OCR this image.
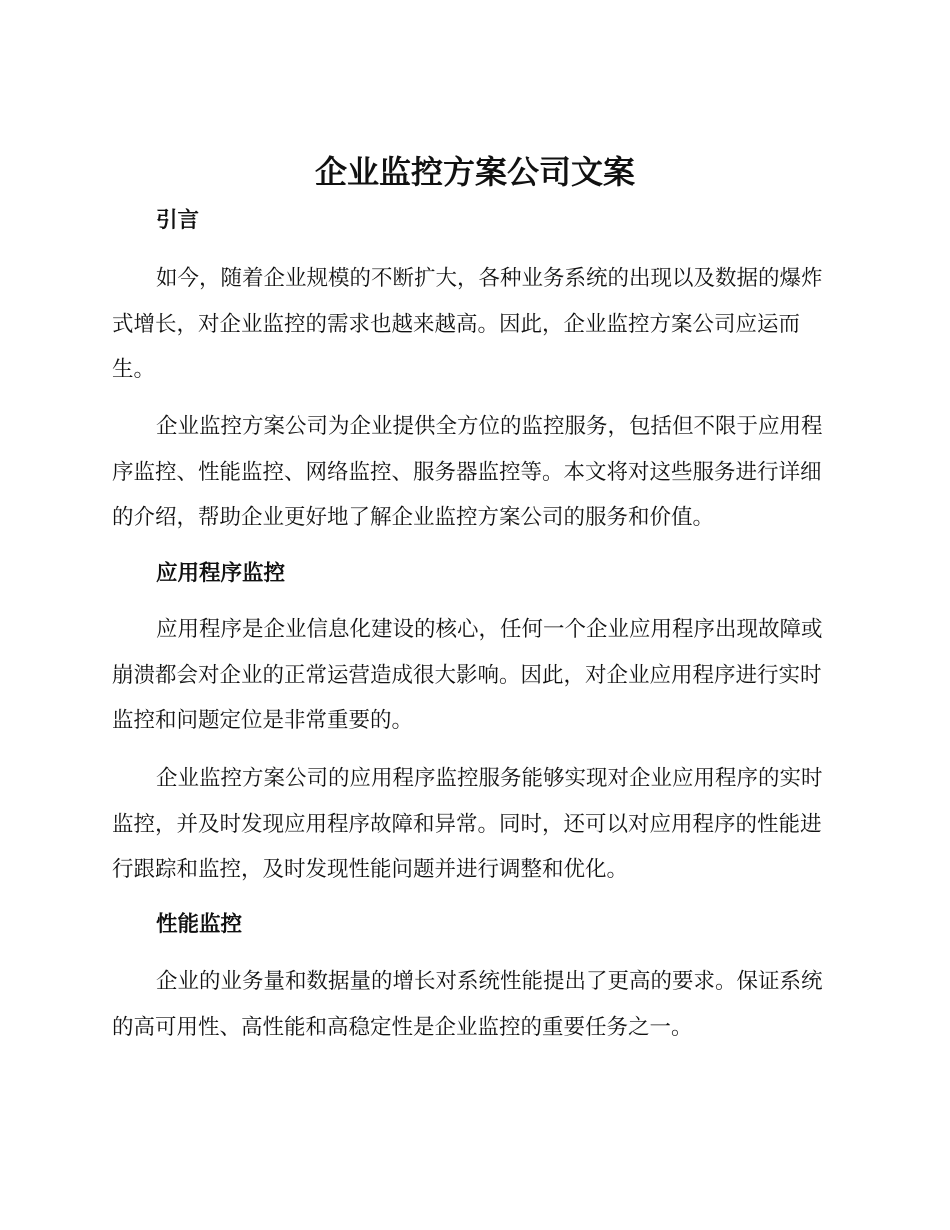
企业监控方案公司文案

引言

如今，随着企业规模的不断扩大，各种业务系统的出现以及数据的爆炸式增长，对企业监控的需求也越来越高。因此，企业监控方案公司应运而生。

企业监控方案公司为企业提供全方位的监控服务，包括但不限于应用程序监控、性能监控、网络监控、服务器监控等。本文将对这些服务进行详细的介绍，帮助企业更好地了解企业监控方案公司的服务和价值。

应用程序监控

应用程序是企业信息化建设的核心，任何一个企业应用程序出现故障或崩溃都会对企业的正常运营造成很大影响。因此，对企业应用程序进行实时监控和问题定位是非常重要的。

企业监控方案公司的应用程序监控服务能够实现对企业应用程序的实时监控，并及时发现应用程序故障和异常。同时，还可以对应用程序的性能进行跟踪和监控，及时发现性能问题并进行调整和优化。

性能监控

企业的业务量和数据量的增长对系统性能提出了更高的要求。保证系统的高可用性、高性能和高稳定性是企业监控的重要任务之一。
